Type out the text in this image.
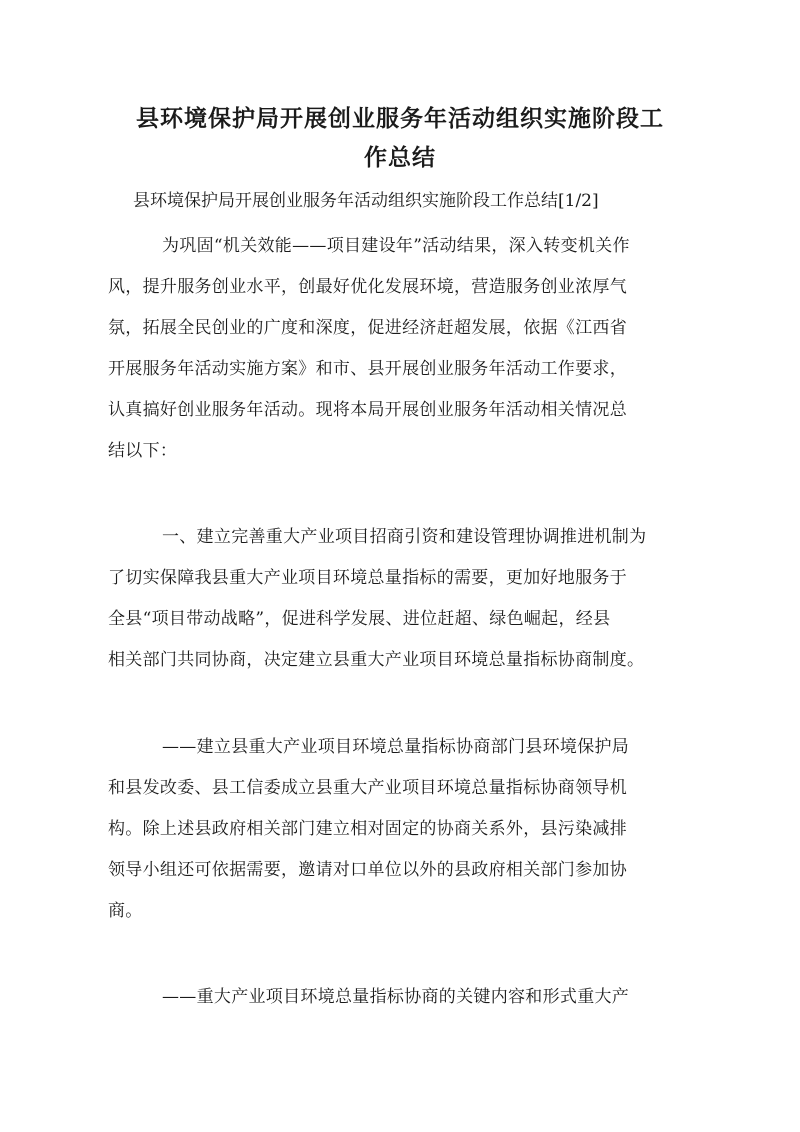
县环境保护局开展创业服务年活动组织实施阶段工
作总结
县环境保护局开展创业服务年活动组织实施阶段工作总结[1/2]
为巩固“机关效能——项目建设年”活动结果，深入转变机关作
风，提升服务创业水平，创最好优化发展环境，营造服务创业浓厚气
氛，拓展全民创业的广度和深度，促进经济赶超发展，依据《江西省
开展服务年活动实施方案》和市、县开展创业服务年活动工作要求，
认真搞好创业服务年活动。现将本局开展创业服务年活动相关情况总
结以下：
一、建立完善重大产业项目招商引资和建设管理协调推进机制为
了切实保障我县重大产业项目环境总量指标的需要，更加好地服务于
全县“项目带动战略”，促进科学发展、进位赶超、绿色崛起，经县
相关部门共同协商，决定建立县重大产业项目环境总量指标协商制度。
——建立县重大产业项目环境总量指标协商部门县环境保护局
和县发改委、县工信委成立县重大产业项目环境总量指标协商领导机
构。除上述县政府相关部门建立相对固定的协商关系外，县污染减排
领导小组还可依据需要，邀请对口单位以外的县政府相关部门参加协
商。
——重大产业项目环境总量指标协商的关键内容和形式重大产
